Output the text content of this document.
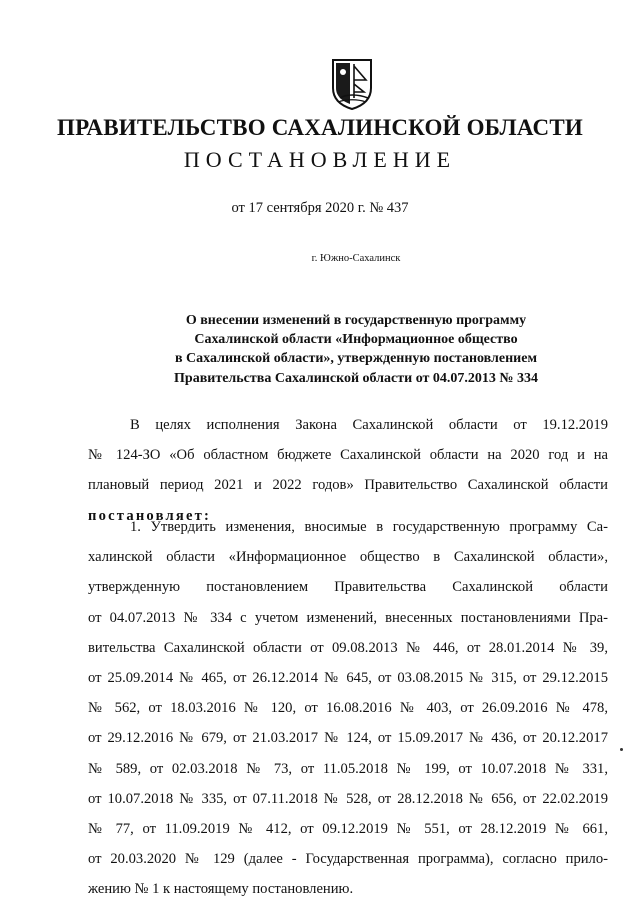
ПРАВИТЕЛЬСТВО САХАЛИНСКОЙ ОБЛАСТИ
ПОСТАНОВЛЕНИЕ
от 17 сентября 2020 г. № 437
г. Южно-Сахалинск
О внесении изменений в государственную программу
Сахалинской области «Информационное общество
в Сахалинской области», утвержденную постановлением
Правительства Сахалинской области от 04.07.2013 № 334
В целях исполнения Закона Сахалинской области от 19.12.2019
№ 124-ЗО «Об областном бюджете Сахалинской области на 2020 год и на
плановый период 2021 и 2022 годов» Правительство Сахалинской области
постановляет:
1. Утвердить изменения, вносимые в государственную программу Са-
халинской области «Информационное общество в Сахалинской области»,
утвержденную постановлением Правительства Сахалинской области
от 04.07.2013 № 334 с учетом изменений, внесенных постановлениями Пра-
вительства Сахалинской области от 09.08.2013 № 446, от 28.01.2014 № 39,
от 25.09.2014 № 465, от 26.12.2014 № 645, от 03.08.2015 № 315, от 29.12.2015
№ 562, от 18.03.2016 № 120, от 16.08.2016 № 403, от 26.09.2016 № 478,
от 29.12.2016 № 679, от 21.03.2017 № 124, от 15.09.2017 № 436, от 20.12.2017
№ 589, от 02.03.2018 № 73, от 11.05.2018 № 199, от 10.07.2018 № 331,
от 10.07.2018 № 335, от 07.11.2018 № 528, от 28.12.2018 № 656, от 22.02.2019
№ 77, от 11.09.2019 № 412, от 09.12.2019 № 551, от 28.12.2019 № 661,
от 20.03.2020 № 129 (далее - Государственная программа), согласно прило-
жению № 1 к настоящему постановлению.
